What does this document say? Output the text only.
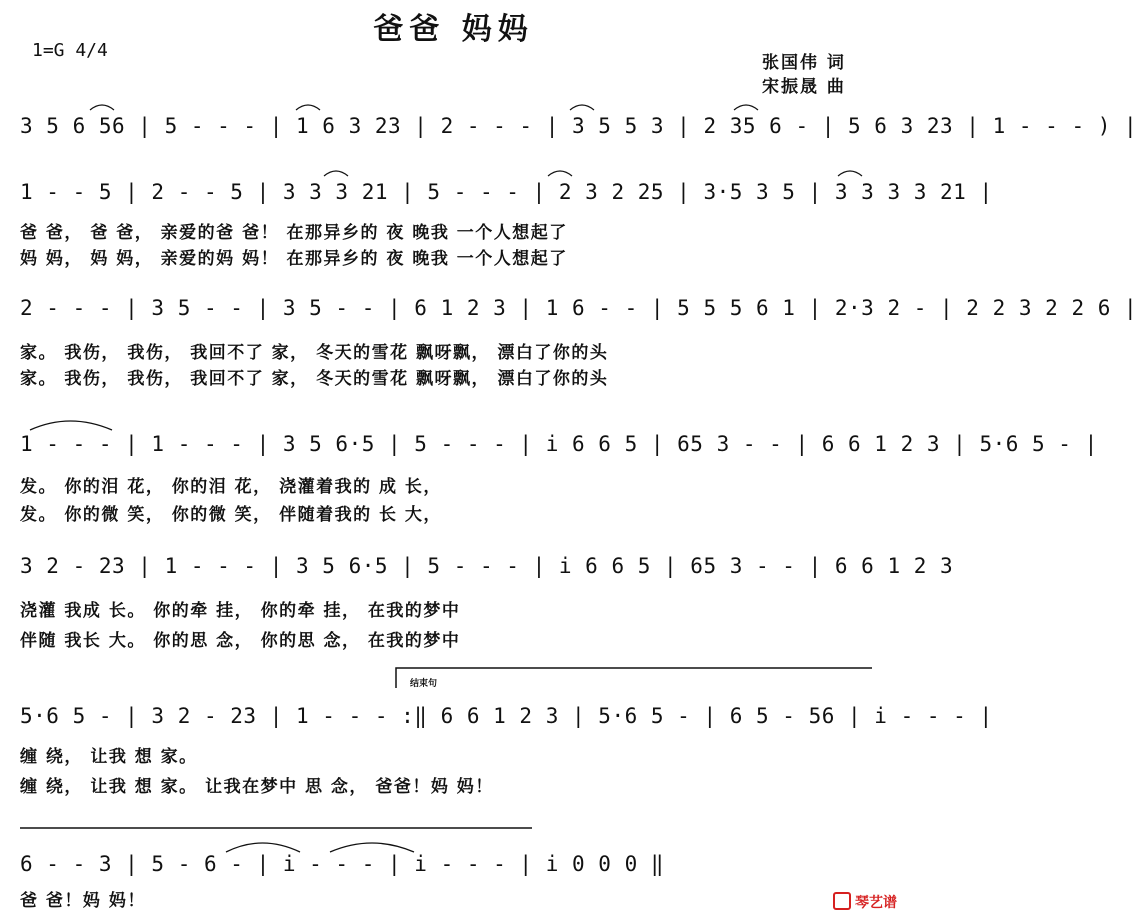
爸爸 妈妈
1=G 4/4
张国伟 词
宋振晟 曲
3 5 6 56 | 5 - - - | 1 6 3 23 | 2 - - - | 3 5 5 3 | 2 35 6 - | 5 6 3 23 | 1 - - - ) |
1 - - 5 | 2 - - 5 | 3 3 3 21 | 5 - - - | 2 3 2 25 | 3·5 3 5 | 3 3 3 3 21 |
爸 爸， 爸 爸， 亲爱的爸 爸！ 在那异乡的 夜 晚我 一个人想起了
妈 妈， 妈 妈， 亲爱的妈 妈！ 在那异乡的 夜 晚我 一个人想起了
2 - - - | 3 5 - - | 3 5 - - | 6 1 2 3 | 1 6 - - | 5 5 5 6 1 | 2·3 2 - | 2 2 3 2 2 6 |
家。 我伤， 我伤， 我回不了 家， 冬天的雪花 飘呀飘， 漂白了你的头
家。 我伤， 我伤， 我回不了 家， 冬天的雪花 飘呀飘， 漂白了你的头
1 - - - | 1 - - - | 3 5 6·5 | 5 - - - | i 6 6 5 | 65 3 - - | 6 6 1 2 3 | 5·6 5 - |
发。 你的泪 花， 你的泪 花， 浇灌着我的 成 长，
发。 你的微 笑， 你的微 笑， 伴随着我的 长 大，
3 2 - 23 | 1 - - - | 3 5 6·5 | 5 - - - | i 6 6 5 | 65 3 - - | 6 6 1 2 3
浇灌 我成 长。 你的牵 挂， 你的牵 挂， 在我的梦中
伴随 我长 大。 你的思 念， 你的思 念， 在我的梦中
结束句
5·6 5 - | 3 2 - 23 | 1 - - - :‖ 6 6 1 2 3 | 5·6 5 - | 6 5 - 56 | i - - - |
缠 绕， 让我 想 家。
缠 绕， 让我 想 家。 让我在梦中 思 念， 爸爸！妈 妈！
6 - - 3 | 5 - 6 - | i - - - | i - - - | i 0 0 0 ‖
爸 爸！妈 妈！	琴艺谱
